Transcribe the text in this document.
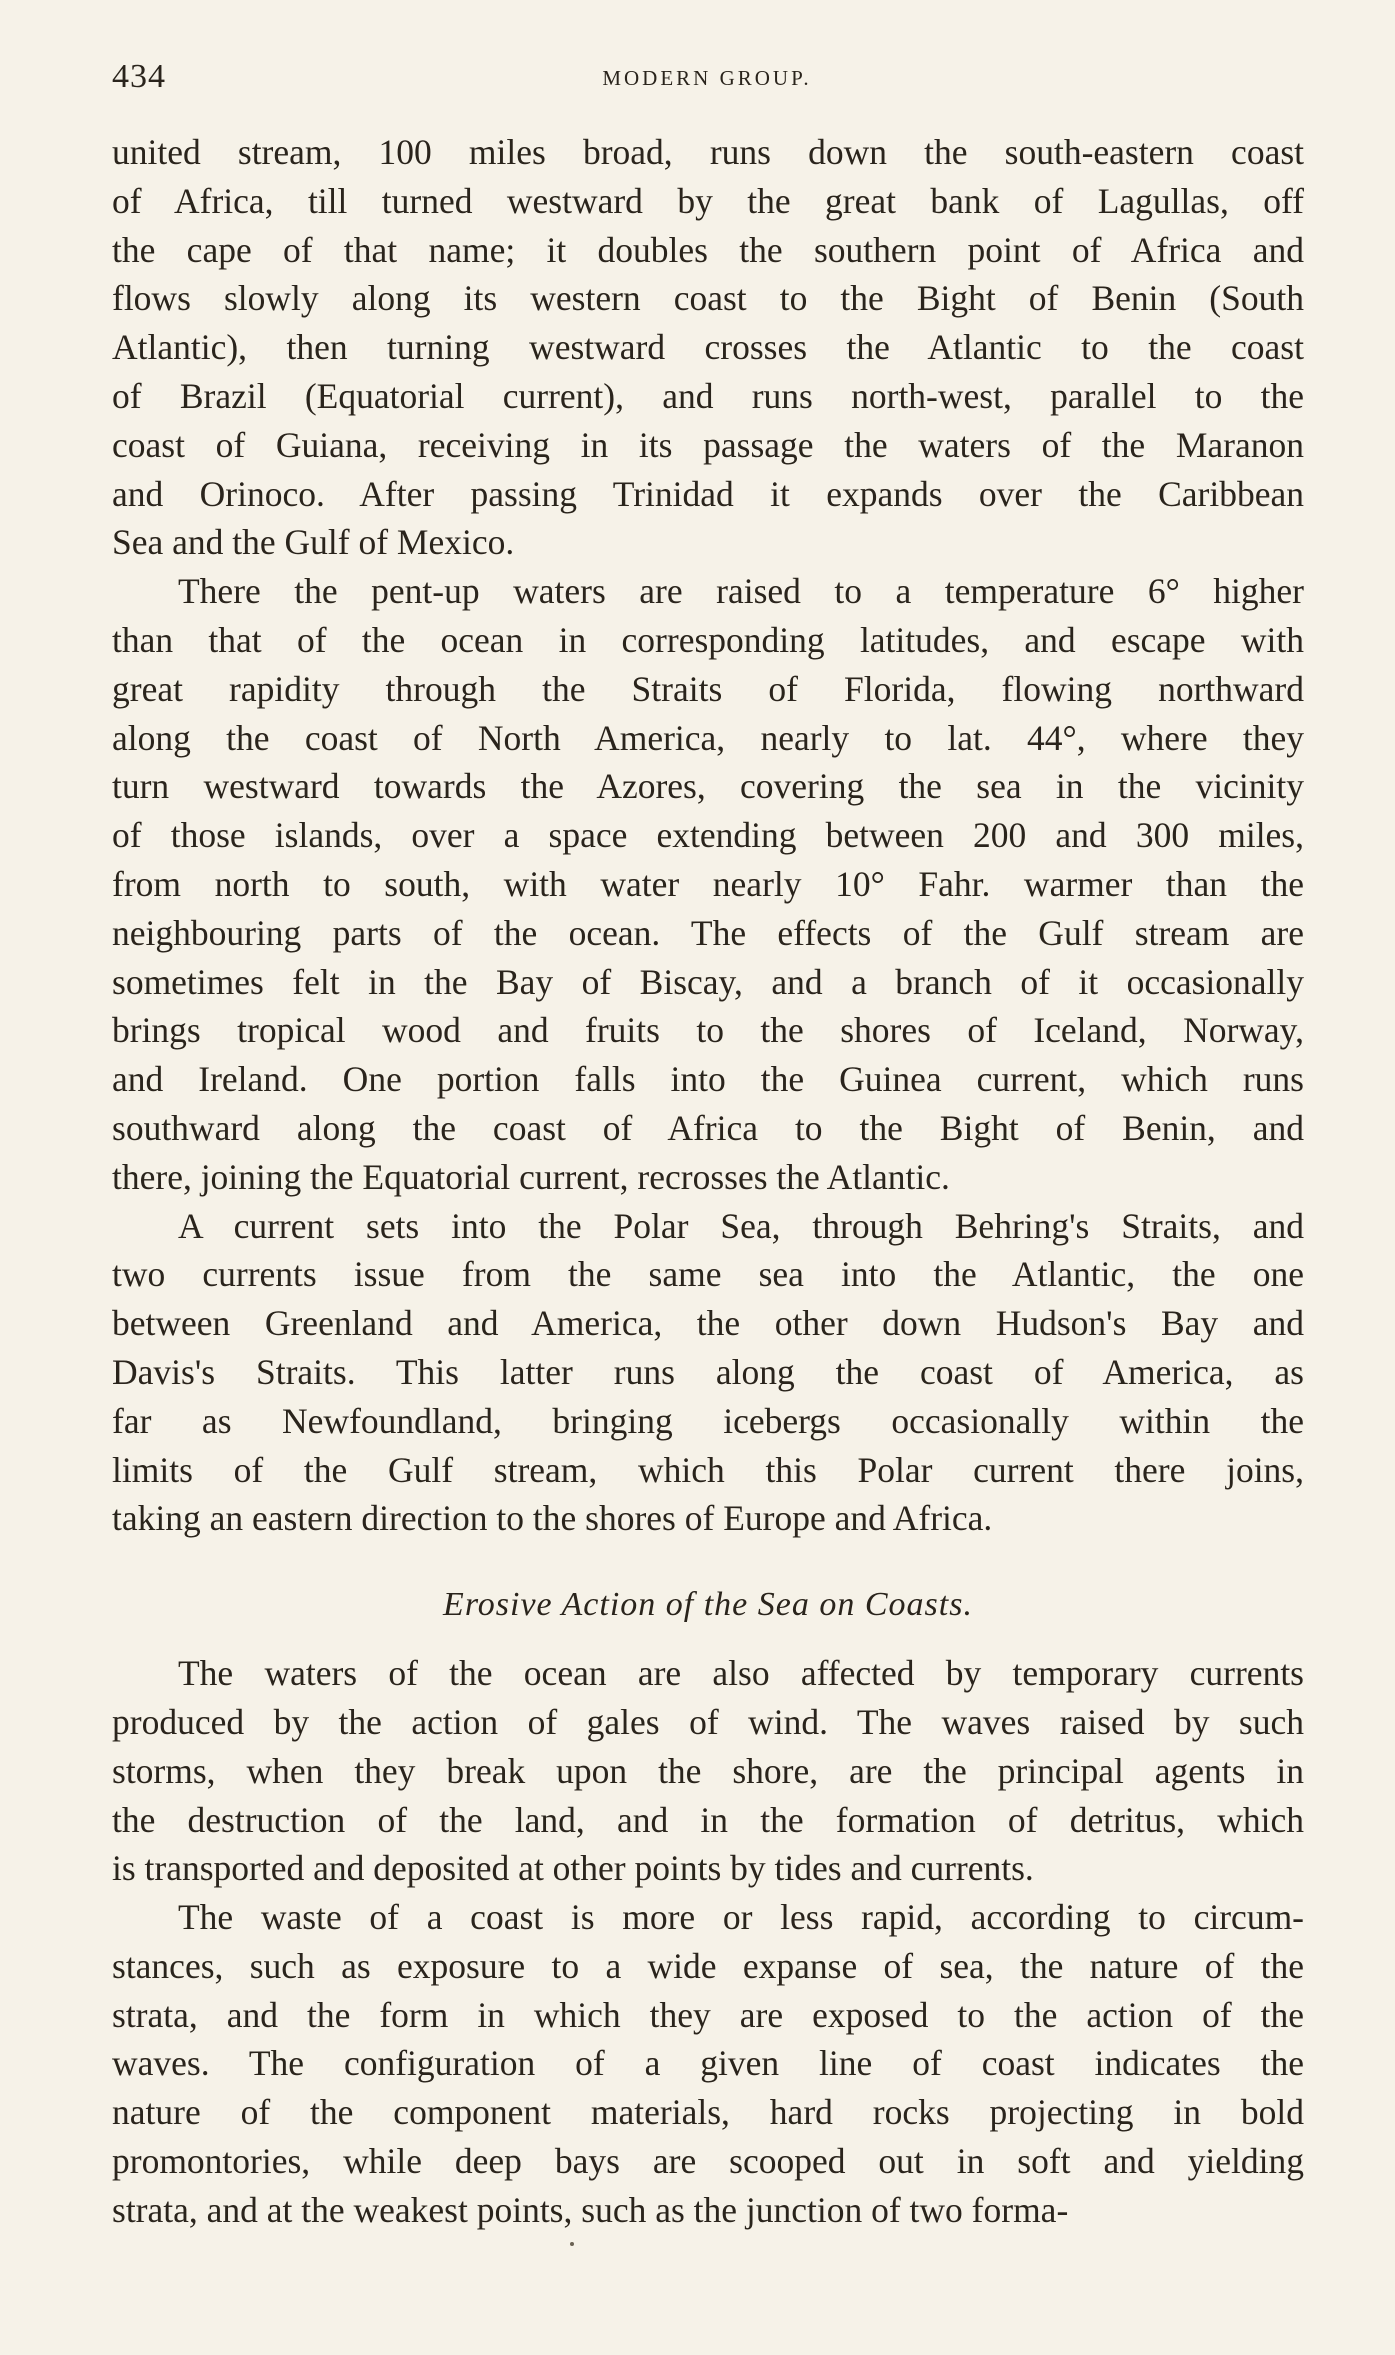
434	MODERN GROUP.
united stream, 100 miles broad, runs down the south-eastern coast
of Africa, till turned westward by the great bank of Lagullas, off
the cape of that name; it doubles the southern point of Africa and
flows slowly along its western coast to the Bight of Benin (South
Atlantic), then turning westward crosses the Atlantic to the coast
of Brazil (Equatorial current), and runs north-west, parallel to the
coast of Guiana, receiving in its passage the waters of the Maranon
and Orinoco. After passing Trinidad it expands over the Caribbean
Sea and the Gulf of Mexico.
There the pent-up waters are raised to a temperature 6° higher
than that of the ocean in corresponding latitudes, and escape with
great rapidity through the Straits of Florida, flowing northward
along the coast of North America, nearly to lat. 44°, where they
turn westward towards the Azores, covering the sea in the vicinity
of those islands, over a space extending between 200 and 300 miles,
from north to south, with water nearly 10° Fahr. warmer than the
neighbouring parts of the ocean. The effects of the Gulf stream are
sometimes felt in the Bay of Biscay, and a branch of it occasionally
brings tropical wood and fruits to the shores of Iceland, Norway,
and Ireland. One portion falls into the Guinea current, which runs
southward along the coast of Africa to the Bight of Benin, and
there, joining the Equatorial current, recrosses the Atlantic.
A current sets into the Polar Sea, through Behring's Straits, and
two currents issue from the same sea into the Atlantic, the one
between Greenland and America, the other down Hudson's Bay and
Davis's Straits. This latter runs along the coast of America, as
far as Newfoundland, bringing icebergs occasionally within the
limits of the Gulf stream, which this Polar current there joins,
taking an eastern direction to the shores of Europe and Africa.
Erosive Action of the Sea on Coasts.
The waters of the ocean are also affected by temporary currents
produced by the action of gales of wind. The waves raised by such
storms, when they break upon the shore, are the principal agents in
the destruction of the land, and in the formation of detritus, which
is transported and deposited at other points by tides and currents.
The waste of a coast is more or less rapid, according to circum-
stances, such as exposure to a wide expanse of sea, the nature of the
strata, and the form in which they are exposed to the action of the
waves. The configuration of a given line of coast indicates the
nature of the component materials, hard rocks projecting in bold
promontories, while deep bays are scooped out in soft and yielding
strata, and at the weakest points, such as the junction of two forma-
